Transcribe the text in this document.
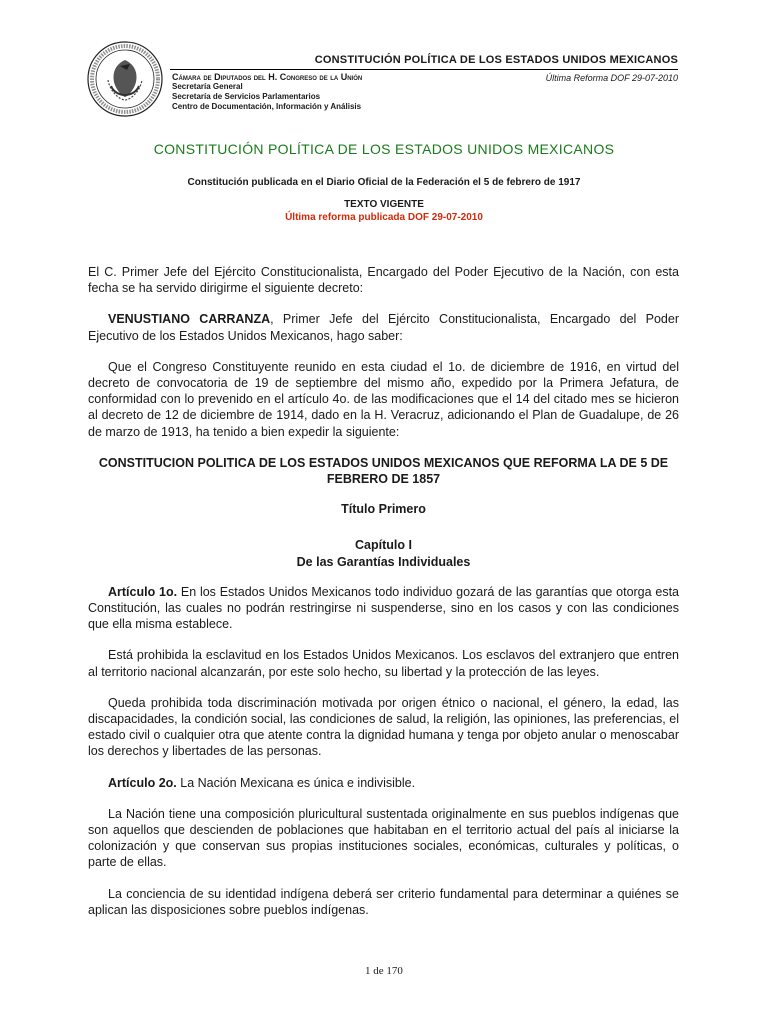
CONSTITUCIÓN POLÍTICA DE LOS ESTADOS UNIDOS MEXICANOS
Cámara de Diputados del H. Congreso de la Unión
Secretaría General
Secretaría de Servicios Parlamentarios
Centro de Documentación, Información y Análisis
Última Reforma DOF 29-07-2010
CONSTITUCIÓN POLÍTICA DE LOS ESTADOS UNIDOS MEXICANOS
Constitución publicada en el Diario Oficial de la Federación el 5 de febrero de 1917
TEXTO VIGENTE
Última reforma publicada DOF 29-07-2010

El C. Primer Jefe del Ejército Constitucionalista, Encargado del Poder Ejecutivo de la Nación, con esta fecha se ha servido dirigirme el siguiente decreto:

VENUSTIANO CARRANZA, Primer Jefe del Ejército Constitucionalista, Encargado del Poder Ejecutivo de los Estados Unidos Mexicanos, hago saber:

Que el Congreso Constituyente reunido en esta ciudad el 1o. de diciembre de 1916, en virtud del decreto de convocatoria de 19 de septiembre del mismo año, expedido por la Primera Jefatura, de conformidad con lo prevenido en el artículo 4o. de las modificaciones que el 14 del citado mes se hicieron al decreto de 12 de diciembre de 1914, dado en la H. Veracruz, adicionando el Plan de Guadalupe, de 26 de marzo de 1913, ha tenido a bien expedir la siguiente:

CONSTITUCION POLITICA DE LOS ESTADOS UNIDOS MEXICANOS QUE REFORMA LA DE 5 DE FEBRERO DE 1857
Título Primero
Capítulo I
De las Garantías Individuales

Artículo 1o. En los Estados Unidos Mexicanos todo individuo gozará de las garantías que otorga esta Constitución, las cuales no podrán restringirse ni suspenderse, sino en los casos y con las condiciones que ella misma establece.

Está prohibida la esclavitud en los Estados Unidos Mexicanos. Los esclavos del extranjero que entren al territorio nacional alcanzarán, por este solo hecho, su libertad y la protección de las leyes.

Queda prohibida toda discriminación motivada por origen étnico o nacional, el género, la edad, las discapacidades, la condición social, las condiciones de salud, la religión, las opiniones, las preferencias, el estado civil o cualquier otra que atente contra la dignidad humana y tenga por objeto anular o menoscabar los derechos y libertades de las personas.

Artículo 2o. La Nación Mexicana es única e indivisible.

La Nación tiene una composición pluricultural sustentada originalmente en sus pueblos indígenas que son aquellos que descienden de poblaciones que habitaban en el territorio actual del país al iniciarse la colonización y que conservan sus propias instituciones sociales, económicas, culturales y políticas, o parte de ellas.

La conciencia de su identidad indígena deberá ser criterio fundamental para determinar a quiénes se aplican las disposiciones sobre pueblos indígenas.

1 de 170
